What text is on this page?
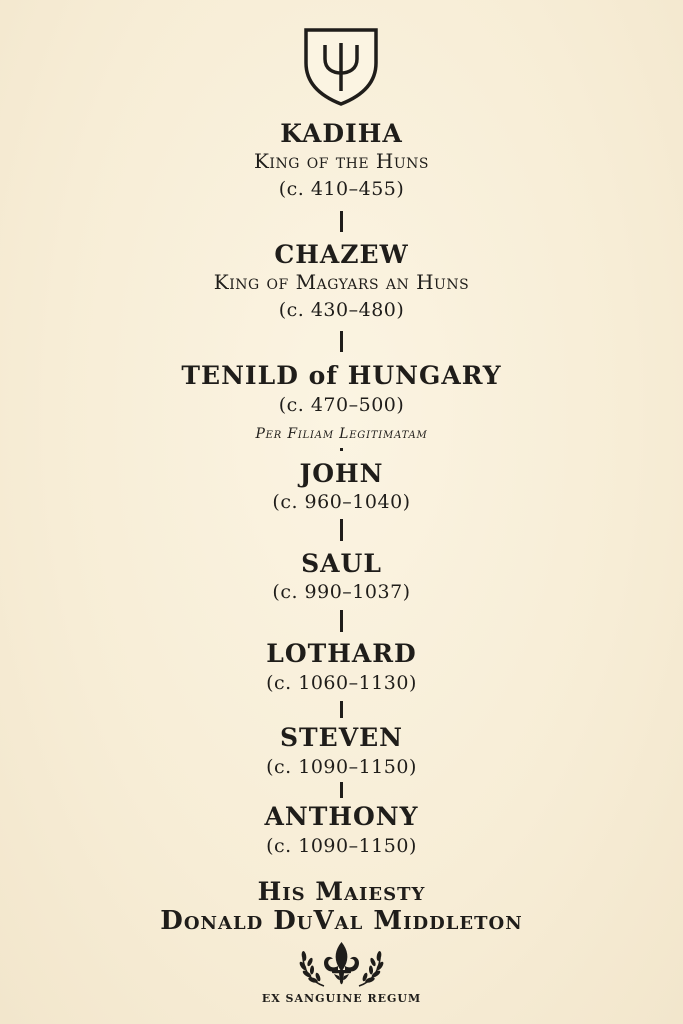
KADIHA
King of the Huns
(c. 410–455)
CHAZEW
King of Magyars an Huns
(c. 430–480)
TENILD of HUNGARY
(c. 470–500)
Per Filiam Legitimatam
JOHN
(c. 960–1040)
SAUL
(c. 990–1037)
LOTHARD
(c. 1060–1130)
STEVEN
(c. 1090–1150)
ANTHONY
(c. 1090–1150)
His Maiesty
Donald DuVal Middleton
EX SANGUINE REGUM
